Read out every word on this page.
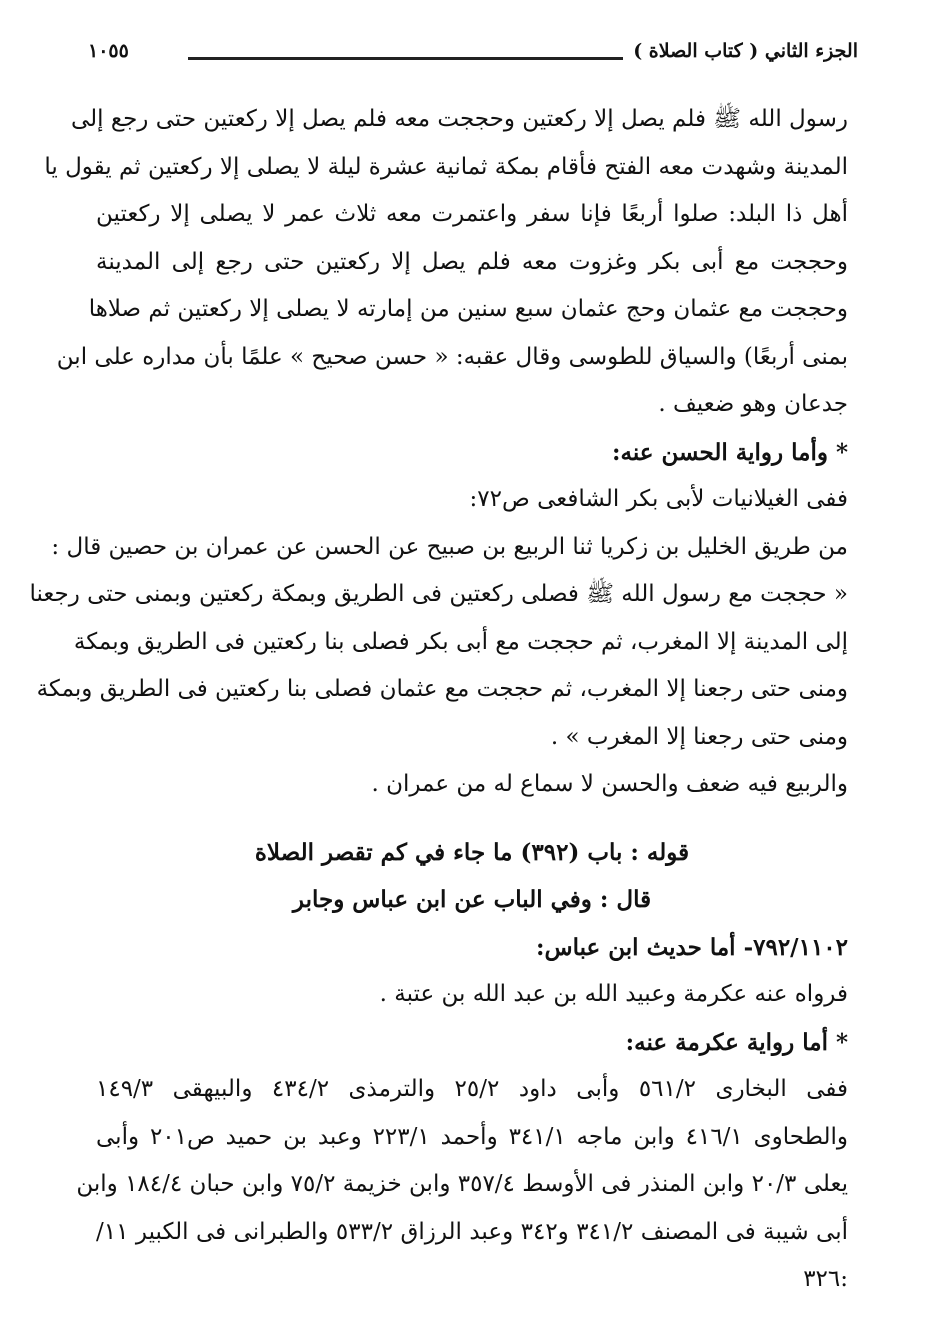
الجزء الثاني ( كتاب الصلاة )
١٠٥٥
رسول الله ﷺ فلم يصل إلا ركعتين وحججت معه فلم يصل إلا ركعتين حتى رجع إلى
المدينة وشهدت معه الفتح فأقام بمكة ثمانية عشرة ليلة لا يصلى إلا ركعتين ثم يقول يا
أهل ذا البلد: صلوا أربعًا فإنا سفر واعتمرت معه ثلاث عمر لا يصلى إلا ركعتين
وحججت مع أبى بكر وغزوت معه فلم يصل إلا ركعتين حتى رجع إلى المدينة
وحججت مع عثمان وحج عثمان سبع سنين من إمارته لا يصلى إلا ركعتين ثم صلاها
بمنى أربعًا) والسياق للطوسى وقال عقبه: « حسن صحيح » علمًا بأن مداره على ابن
جدعان وهو ضعيف .
* وأما رواية الحسن عنه:
ففى الغيلانيات لأبى بكر الشافعى ص٧٢:
من طريق الخليل بن زكريا ثنا الربيع بن صبيح عن الحسن عن عمران بن حصين قال :
« حججت مع رسول الله ﷺ فصلى ركعتين فى الطريق وبمكة ركعتين وبمنى حتى رجعنا
إلى المدينة إلا المغرب، ثم حججت مع أبى بكر فصلى بنا ركعتين فى الطريق وبمكة
ومنى حتى رجعنا إلا المغرب، ثم حججت مع عثمان فصلى بنا ركعتين فى الطريق وبمكة
ومنى حتى رجعنا إلا المغرب » .
والربيع فيه ضعف والحسن لا سماع له من عمران .
قوله : باب (٣٩٢) ما جاء في كم تقصر الصلاة
قال : وفي الباب عن ابن عباس وجابر
٧٩٢/١١٠٢- أما حديث ابن عباس:
فرواه عنه عكرمة وعبيد الله بن عبد الله بن عتبة .
* أما رواية عكرمة عنه:
ففى البخارى ٥٦١/٢ وأبى داود ٢٥/٢ والترمذى ٤٣٤/٢ والبيهقى ١٤٩/٣
والطحاوى ٤١٦/١ وابن ماجه ٣٤١/١ وأحمد ٢٢٣/١ وعبد بن حميد ص٢٠١ وأبى
يعلى ٢٠/٣ وابن المنذر فى الأوسط ٣٥٧/٤ وابن خزيمة ٧٥/٢ وابن حبان ١٨٤/٤ وابن
أبى شيبة فى المصنف ٣٤١/٢ و٣٤٢ وعبد الرزاق ٥٣٣/٢ والطبرانى فى الكبير ١١/
:٣٢٦
